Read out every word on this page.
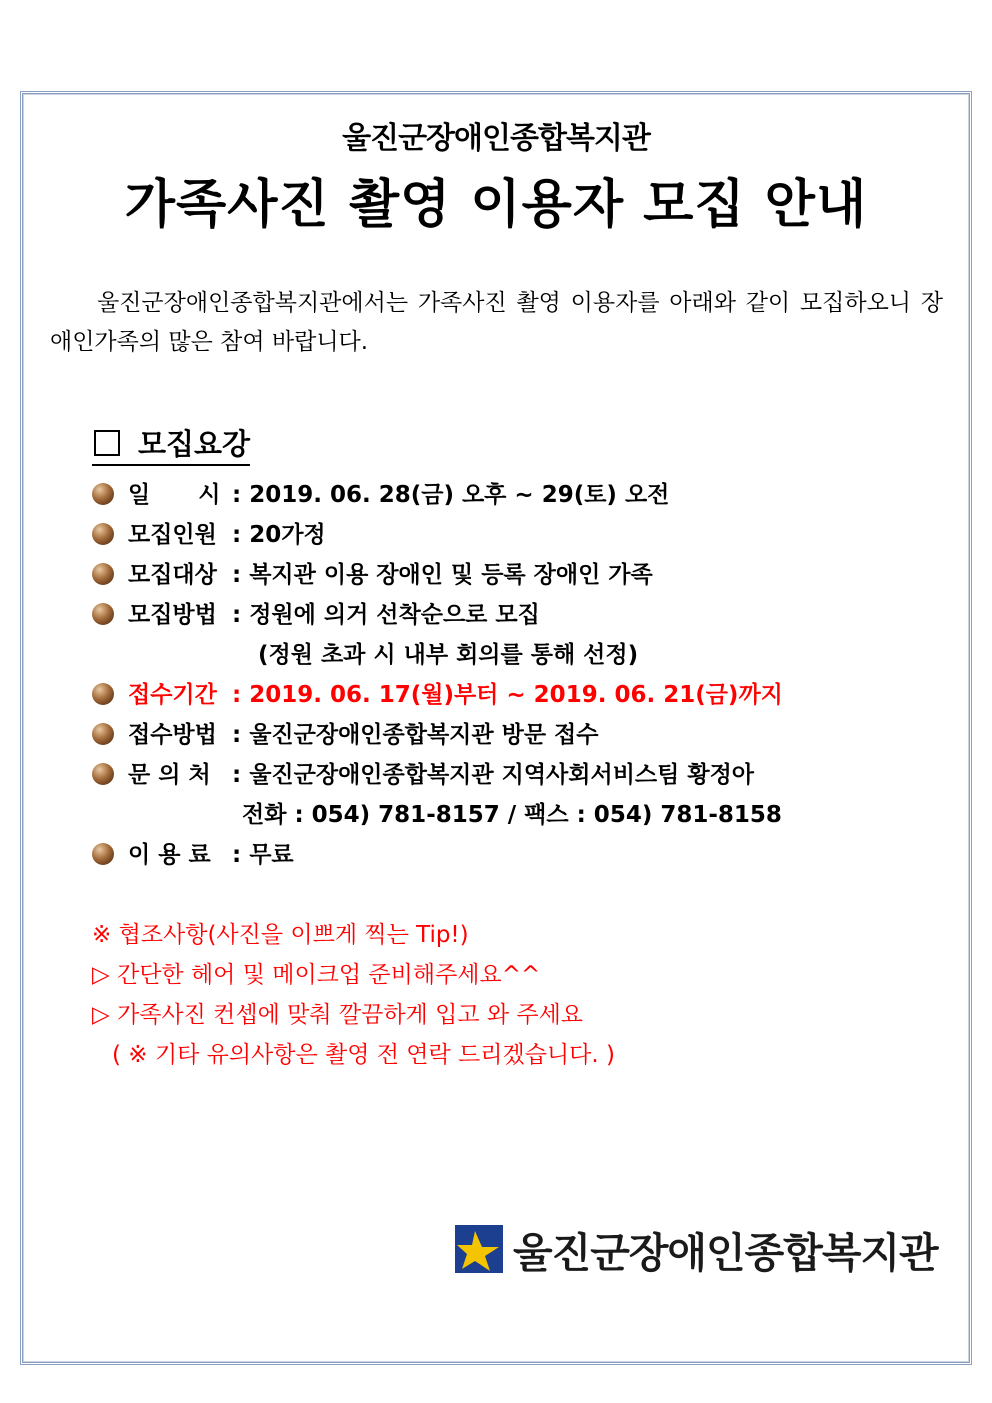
울진군장애인종합복지관
가족사진 촬영 이용자 모집 안내
울진군장애인종합복지관에서는 가족사진 촬영 이용자를 아래와 같이 모집하오니 장애인가족의 많은 참여 바랍니다.
모집요강
일      시 : 2019. 06. 28(금) 오후 ~ 29(토) 오전
모집인원 : 20가정
모집대상 : 복지관 이용 장애인 및 등록 장애인 가족
모집방법 : 정원에 의거 선착순으로 모집
(정원 초과 시 내부 회의를 통해 선정)
접수기간 : 2019. 06. 17(월)부터 ~ 2019. 06. 21(금)까지
접수방법 : 울진군장애인종합복지관 방문 접수
문 의 처 : 울진군장애인종합복지관 지역사회서비스팀 황정아
전화 : 054) 781-8157 / 팩스 : 054) 781-8158
이 용 료 : 무료
※ 협조사항(사진을 이쁘게 찍는 Tip!)
▷ 간단한 헤어 및 메이크업 준비해주세요^^
▷ 가족사진 컨셉에 맞춰 깔끔하게 입고 와 주세요
( ※ 기타 유의사항은 촬영 전 연락 드리겠습니다. )
울진군장애인종합복지관
